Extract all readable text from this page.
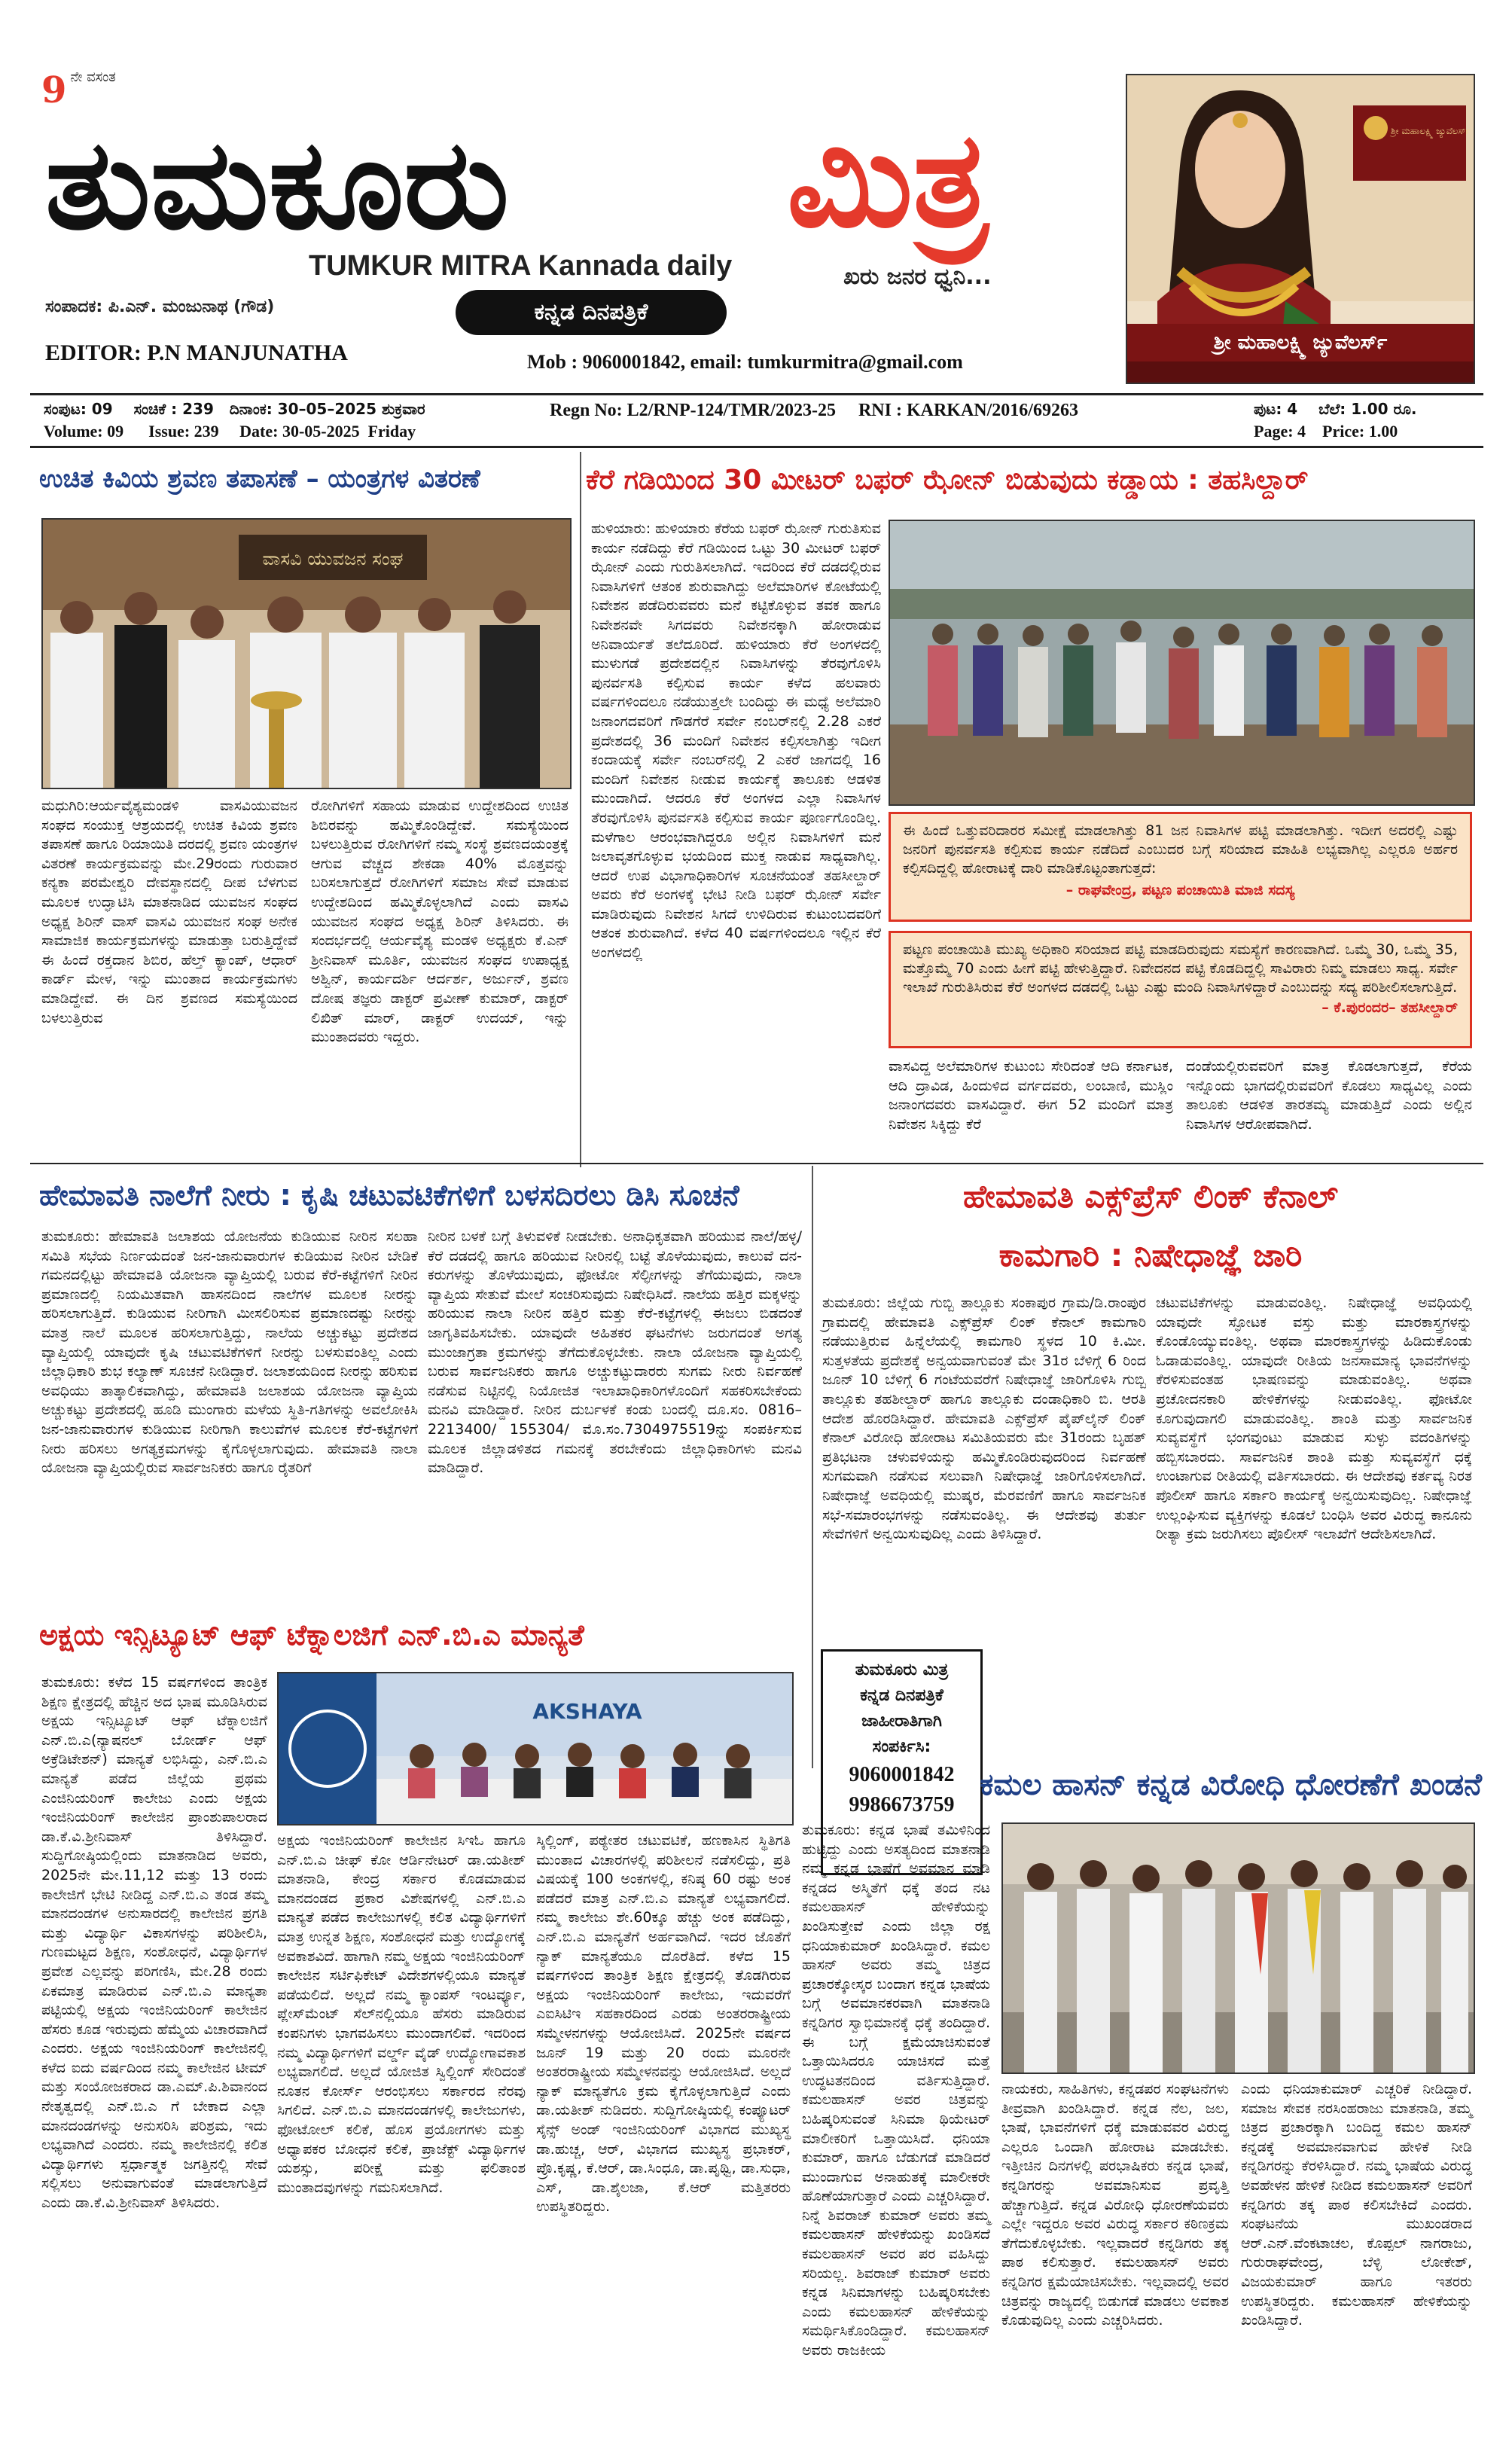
9 ನೇ ವಸಂತ
ತುಮಕೂರು	ಮಿತ್ರ
TUMKUR MITRA Kannada daily	ಖರು ಜನರ ಧ್ವನಿ...
ಸಂಪಾದಕ: ಪಿ.ಎನ್. ಮಂಜುನಾಥ (ಗೌಡ)	ಕನ್ನಡ ದಿನಪತ್ರಿಕೆ
EDITOR: P.N MANJUNATHA	Mob : 9060001842, email: tumkurmitra@gmail.com
ಶ್ರೀ ಮಹಾಲಕ್ಷ್ಮಿ ಜ್ಯುವೆಲರ್ಸ್
ಶ್ರೀ ಮಹಾಲಕ್ಷ್ಮಿ ಜ್ಯುವೆಲರ್ಸ್
ಸಂಪುಟ: 09    ಸಂಚಿಕೆ : 239   ದಿನಾಂಕ: 30–05–2025 ಶುಕ್ರವಾರ
Volume: 09      Issue: 239     Date: 30-05-2025  Friday
Regn No: L2/RNP-124/TMR/2023-25     RNI : KARKAN/2016/69263	ಪುಟ: 4    ಬೆಲೆ: 1.00 ರೂ.
Page: 4    Price: 1.00
ಉಚಿತ ಕಿವಿಯ ಶ್ರವಣ ತಪಾಸಣೆ – ಯಂತ್ರಗಳ ವಿತರಣೆ
ವಾಸವಿ ಯುವಜನ ಸಂಘ
ಮಧುಗಿರಿ:ಆರ್ಯವೈಶ್ಯಮಂಡಳಿ ವಾಸವಿಯುವಜನ ಸಂಘದ ಸಂಯುಕ್ತ ಆಶ್ರಯದಲ್ಲಿ ಉಚಿತ ಕಿವಿಯ ಶ್ರವಣ ತಪಾಸಣೆ ಹಾಗೂ ರಿಯಾಯಿತಿ ದರದಲ್ಲಿ ಶ್ರವಣ ಯಂತ್ರಗಳ ವಿತರಣೆ ಕಾರ್ಯಕ್ರಮವನ್ನು ಮೇ.29ರಂದು ಗುರುವಾರ ಕನ್ಯಕಾ ಪರಮೇಶ್ವರಿ ದೇವಸ್ಥಾನದಲ್ಲಿ ದೀಪ ಬೆಳಗುವ ಮೂಲಕ ಉದ್ಘಾಟಿಸಿ ಮಾತನಾಡಿದ ಯುವಜನ ಸಂಘದ ಅಧ್ಯಕ್ಷ ಶಿರಿನ್ ವಾಸ್ ವಾಸವಿ ಯುವಜನ ಸಂಘ ಅನೇಕ ಸಾಮಾಜಿಕ ಕಾರ್ಯಕ್ರಮಗಳನ್ನು ಮಾಡುತ್ತಾ ಬರುತ್ತಿದ್ದೇವೆ ಈ ಹಿಂದೆ ರಕ್ತದಾನ ಶಿಬಿರ, ಹೆಲ್ತ್ ಕ್ಯಾಂಪ್, ಆಧಾರ್ ಕಾರ್ಡ್ ಮೇಳ, ಇನ್ನು ಮುಂತಾದ ಕಾರ್ಯಕ್ರಮಗಳು ಮಾಡಿದ್ದೇವೆ. ಈ ದಿನ ಶ್ರವಣದ ಸಮಸ್ಯೆಯಿಂದ ಬಳಲುತ್ತಿರುವ
ರೋಗಿಗಳಿಗೆ ಸಹಾಯ ಮಾಡುವ ಉದ್ದೇಶದಿಂದ ಉಚಿತ ಶಿಬಿರವನ್ನು ಹಮ್ಮಿಕೊಂಡಿದ್ದೇವೆ. ಸಮಸ್ಯೆಯಿಂದ ಬಳಲುತ್ತಿರುವ ರೋಗಿಗಳಿಗೆ ನಮ್ಮ ಸಂಸ್ಥೆ ಶ್ರವಣದಯಂತ್ರಕ್ಕೆ ಆಗುವ ವೆಚ್ಚದ ಶೇಕಡಾ 40% ಮೊತ್ತವನ್ನು ಬರಿಸಲಾಗುತ್ತದೆ ರೋಗಿಗಳಿಗೆ ಸಮಾಜ ಸೇವೆ ಮಾಡುವ ಉದ್ದೇಶದಿಂದ ಹಮ್ಮಿಕೊಳ್ಳಲಾಗಿದೆ ಎಂದು ವಾಸವಿ ಯುವಜನ ಸಂಘದ ಅಧ್ಯಕ್ಷ ಶಿರಿನ್ ತಿಳಿಸಿದರು. ಈ ಸಂದರ್ಭದಲ್ಲಿ ಆರ್ಯವೈಶ್ಯ ಮಂಡಳಿ ಅಧ್ಯಕ್ಷರು ಕೆ.ಎನ್ ಶ್ರೀನಿವಾಸ್ ಮೂರ್ತಿ, ಯುವಜನ ಸಂಘದ ಉಪಾಧ್ಯಕ್ಷ ಅಶ್ವಿನ್, ಕಾರ್ಯದರ್ಶಿ ಆರ್ದರ್ಶ, ಅರ್ಜುನ್, ಶ್ರವಣ ದೋಷ ತಜ್ಞರು ಡಾಕ್ಟರ್ ಪ್ರವೀಣ್ ಕುಮಾರ್, ಡಾಕ್ಟರ್ ಲಿಖಿತ್ ಮಾರ್, ಡಾಕ್ಟರ್ ಉದಯ್, ಇನ್ನು ಮುಂತಾದವರು ಇದ್ದರು.
ಕೆರೆ ಗಡಿಯಿಂದ 30 ಮೀಟರ್ ಬಫರ್ ಝೋನ್ ಬಿಡುವುದು ಕಡ್ಡಾಯ : ತಹಸಿಲ್ದಾರ್
ಹುಳಿಯಾರು: ಹುಳಿಯಾರು ಕೆರೆಯ ಬಫರ್ ಝೋನ್ ಗುರುತಿಸುವ ಕಾರ್ಯ ನಡೆದಿದ್ದು ಕೆರೆ ಗಡಿಯಿಂದ ಒಟ್ಟು 30 ಮೀಟರ್ ಬಫರ್ ಝೋನ್ ಎಂದು ಗುರುತಿಸಲಾಗಿದೆ. ಇದರಿಂದ ಕೆರೆ ದಡದಲ್ಲಿರುವ ನಿವಾಸಿಗಳಿಗೆ ಆತಂಕ ಶುರುವಾಗಿದ್ದು ಅಲೆಮಾರಿಗಳ ಕೋಟೆಯಲ್ಲಿ ನಿವೇಶನ ಪಡೆದಿರುವವರು ಮನೆ ಕಟ್ಟಿಕೊಳ್ಳುವ ತವಕ ಹಾಗೂ ನಿವೇಶನವೇ ಸಿಗದವರು ನಿವೇಶನಕ್ಕಾಗಿ ಹೋರಾಡುವ ಅನಿವಾರ್ಯತೆ ತಲೆದೂರಿದೆ. ಹುಳಿಯಾರು ಕೆರೆ ಅಂಗಳದಲ್ಲಿ ಮುಳುಗಡೆ ಪ್ರದೇಶದಲ್ಲಿನ ನಿವಾಸಿಗಳನ್ನು ತೆರವುಗೊಳಿಸಿ ಪುನರ್ವಸತಿ ಕಲ್ಪಿಸುವ ಕಾರ್ಯ ಕಳೆದ ಹಲವಾರು ವರ್ಷಗಳಿಂದಲೂ ನಡೆಯುತ್ತಲೇ ಬಂದಿದ್ದು ಈ ಮಧ್ಯೆ ಅಲೆಮಾರಿ ಜನಾಂಗದವರಿಗೆ ಗೌಡಗೆರೆ ಸರ್ವೇ ನಂಬರ್‌ನಲ್ಲಿ 2.28 ಎಕರೆ ಪ್ರದೇಶದಲ್ಲಿ 36 ಮಂದಿಗೆ ನಿವೇಶನ ಕಲ್ಪಿಸಲಾಗಿತ್ತು ಇದೀಗ ಕಂದಾಯಕ್ಕೆ ಸರ್ವೇ ನಂಬರ್‌ನಲ್ಲಿ 2 ಎಕರೆ ಜಾಗದಲ್ಲಿ 16 ಮಂದಿಗೆ ನಿವೇಶನ ನೀಡುವ ಕಾರ್ಯಕ್ಕೆ ತಾಲೂಕು ಆಡಳಿತ ಮುಂದಾಗಿದೆ. ಆದರೂ ಕೆರೆ ಅಂಗಳದ ಎಲ್ಲಾ ನಿವಾಸಿಗಳ ತೆರವುಗೊಳಿಸಿ ಪುನರ್ವಸತಿ ಕಲ್ಪಿಸುವ ಕಾರ್ಯ ಪೂರ್ಣಗೊಂಡಿಲ್ಲ. ಮಳೆಗಾಲ ಆರಂಭವಾಗಿದ್ದರೂ ಅಲ್ಲಿನ ನಿವಾಸಿಗಳಿಗೆ ಮನೆ ಜಲಾವೃತಗೊಳ್ಳುವ ಭಯದಿಂದ ಮುಕ್ತ ನಾಡುವ ಸಾಧ್ಯವಾಗಿಲ್ಲ. ಆದರೆ ಉಪ ವಿಭಾಗಾಧಿಕಾರಿಗಳ ಸೂಚನೆಯಂತೆ ತಹಸೀಲ್ದಾರ್ ಅವರು ಕೆರೆ ಅಂಗಳಕ್ಕೆ ಭೇಟಿ ನೀಡಿ ಬಫರ್ ಝೋನ್ ಸರ್ವೇ ಮಾಡಿರುವುದು ನಿವೇಶನ ಸಿಗದೆ ಉಳಿದಿರುವ ಕುಟುಂಬದವರಿಗೆ ಆತಂಕ ಶುರುವಾಗಿದೆ. ಕಳೆದ 40 ವರ್ಷಗಳಿಂದಲೂ ಇಲ್ಲಿನ ಕೆರೆ ಅಂಗಳದಲ್ಲಿ
ಈ ಹಿಂದೆ ಒತ್ತುವರಿದಾರರ ಸಮೀಕ್ಷೆ ಮಾಡಲಾಗಿತ್ತು 81 ಜನ ನಿವಾಸಿಗಳ ಪಟ್ಟಿ ಮಾಡಲಾಗಿತ್ತು. ಇದೀಗ ಅದರಲ್ಲಿ ಎಷ್ಟು ಜನರಿಗೆ ಪುನರ್ವಸತಿ ಕಲ್ಪಿಸುವ ಕಾರ್ಯ ನಡೆದಿದೆ ಎಂಬುದರ ಬಗ್ಗೆ ಸರಿಯಾದ ಮಾಹಿತಿ ಲಭ್ಯವಾಗಿಲ್ಲ ಎಲ್ಲರೂ ಅರ್ಹರ ಕಲ್ಪಿಸದಿದ್ದಲ್ಲಿ ಹೋರಾಟಕ್ಕೆ ದಾರಿ ಮಾಡಿಕೊಟ್ಟಂತಾಗುತ್ತದೆ:
– ರಾಘವೇಂದ್ರ, ಪಟ್ಟಣ ಪಂಚಾಯಿತಿ ಮಾಜಿ ಸದಸ್ಯ
ಪಟ್ಟಣ ಪಂಚಾಯಿತಿ ಮುಖ್ಯ ಅಧಿಕಾರಿ ಸರಿಯಾದ ಪಟ್ಟಿ ಮಾಡದಿರುವುದು ಸಮಸ್ಯೆಗೆ ಕಾರಣವಾಗಿದೆ. ಒಮ್ಮೆ 30, ಒಮ್ಮೆ 35, ಮತ್ತೊಮ್ಮೆ 70 ಎಂದು ಹೀಗೆ ಪಟ್ಟಿ ಹೇಳುತ್ತಿದ್ದಾರೆ. ನಿವೇದನದ ಪಟ್ಟಿ ಕೊಡದಿದ್ದಲ್ಲಿ ಸಾವಿರಾರು ನಿಮ್ಮ ಮಾಡಲು ಸಾಧ್ಯ. ಸರ್ವೇ ಇಲಾಖೆ ಗುರುತಿಸಿರುವ ಕೆರೆ ಅಂಗಳದ ದಡದಲ್ಲಿ ಒಟ್ಟು ಎಷ್ಟು ಮಂದಿ ನಿವಾಸಿಗಳಿದ್ದಾರೆ ಎಂಬುದನ್ನು ಸದ್ಯ ಪರಿಶೀಲಿಸಲಾಗುತ್ತಿದೆ.
– ಕೆ.ಪುರಂದರ– ತಹಸೀಲ್ದಾರ್
ವಾಸವಿದ್ದ ಅಲೆಮಾರಿಗಳ ಕುಟುಂಬ ಸೇರಿದಂತೆ ಆದಿ ಕರ್ನಾಟಕ, ಆದಿ ದ್ರಾವಿಡ, ಹಿಂದುಳಿದ ವರ್ಗದವರು, ಲಂಬಾಣಿ, ಮುಸ್ಲಿಂ ಜನಾಂಗದವರು ವಾಸವಿದ್ದಾರೆ. ಈಗ 52 ಮಂದಿಗೆ ಮಾತ್ರ ನಿವೇಶನ ಸಿಕ್ಕಿದ್ದು ಕೆರೆ
ದಂಡೆಯಲ್ಲಿರುವವರಿಗೆ ಮಾತ್ರ ಕೊಡಲಾಗುತ್ತದೆ, ಕೆರೆಯ ಇನ್ನೊಂದು ಭಾಗದಲ್ಲಿರುವವರಿಗೆ ಕೊಡಲು ಸಾಧ್ಯವಿಲ್ಲ ಎಂದು ತಾಲೂಕು ಆಡಳಿತ ತಾರತಮ್ಯ ಮಾಡುತ್ತಿದೆ ಎಂದು ಅಲ್ಲಿನ ನಿವಾಸಿಗಳ ಆರೋಪವಾಗಿದೆ.
ಹೇಮಾವತಿ ನಾಲೆಗೆ ನೀರು : ಕೃಷಿ ಚಟುವಟಿಕೆಗಳಿಗೆ ಬಳಸದಿರಲು ಡಿಸಿ ಸೂಚನೆ
ತುಮಕೂರು: ಹೇಮಾವತಿ ಜಲಾಶಯ ಯೋಜನೆಯ ಕುಡಿಯುವ ನೀರಿನ ಸಲಹಾ ಸಮಿತಿ ಸಭೆಯ ನಿರ್ಣಯದಂತೆ ಜನ-ಜಾನುವಾರುಗಳ ಕುಡಿಯುವ ನೀರಿನ ಬೇಡಿಕೆ ಗಮನದಲ್ಲಿಟ್ಟು ಹೇಮಾವತಿ ಯೋಜನಾ ವ್ಯಾಪ್ತಿಯಲ್ಲಿ ಬರುವ ಕೆರೆ-ಕಟ್ಟೆಗಳಿಗೆ ನೀರಿನ ಪ್ರಮಾಣದಲ್ಲಿ ನಿಯಮಿತವಾಗಿ ಹಾಸನದಿಂದ ನಾಲೆಗಳ ಮೂಲಕ ನೀರನ್ನು ಹರಿಸಲಾಗುತ್ತಿದೆ. ಕುಡಿಯುವ ನೀರಿಗಾಗಿ ಮೀಸಲಿರಿಸುವ ಪ್ರಮಾಣದಷ್ಟು ನೀರನ್ನು ಮಾತ್ರ ನಾಲೆ ಮೂಲಕ ಹರಿಸಲಾಗುತ್ತಿದ್ದು, ನಾಲೆಯ ಅಚ್ಚುಕಟ್ಟು ಪ್ರದೇಶದ ವ್ಯಾಪ್ತಿಯಲ್ಲಿ ಯಾವುದೇ ಕೃಷಿ ಚಟುವಟಿಕೆಗಳಿಗೆ ನೀರನ್ನು ಬಳಸುವಂತಿಲ್ಲ ಎಂದು ಜಿಲ್ಲಾಧಿಕಾರಿ ಶುಭ ಕಲ್ಯಾಣ್ ಸೂಚನೆ ನೀಡಿದ್ದಾರೆ. ಜಲಾಶಯದಿಂದ ನೀರನ್ನು ಹರಿಸುವ ಅವಧಿಯು ತಾತ್ಕಾಲಿಕವಾಗಿದ್ದು, ಹೇಮಾವತಿ ಜಲಾಶಯ ಯೋಜನಾ ವ್ಯಾಪ್ತಿಯ ಅಚ್ಚುಕಟ್ಟು ಪ್ರದೇಶದಲ್ಲಿ ಹೂಡಿ ಮುಂಗಾರು ಮಳೆಯ ಸ್ಥಿತಿ-ಗತಿಗಳನ್ನು ಅವಲೋಕಿಸಿ ಜನ-ಜಾನುವಾರುಗಳ ಕುಡಿಯುವ ನೀರಿಗಾಗಿ ಕಾಲುವೆಗಳ ಮೂಲಕ ಕೆರೆ-ಕಟ್ಟೆಗಳಿಗೆ ನೀರು ಹರಿಸಲು ಅಗತ್ಯಕ್ರಮಗಳನ್ನು ಕೈಗೊಳ್ಳಲಾಗುವುದು. ಹೇಮಾವತಿ ನಾಲಾ ಯೋಜನಾ ವ್ಯಾಪ್ತಿಯಲ್ಲಿರುವ ಸಾರ್ವಜನಿಕರು ಹಾಗೂ ರೈತರಿಗೆ
ನೀರಿನ ಬಳಕೆ ಬಗ್ಗೆ ತಿಳುವಳಿಕೆ ನೀಡಬೇಕು. ಅನಾಧಿಕೃತವಾಗಿ ಹರಿಯುವ ನಾಲೆ/ಹಳ್ಳ/ಕೆರೆ ದಡದಲ್ಲಿ ಹಾಗೂ ಹರಿಯುವ ನೀರಿನಲ್ಲಿ ಬಟ್ಟೆ ತೊಳೆಯುವುದು, ಕಾಲುವೆ ದನ-ಕರುಗಳನ್ನು ತೊಳೆಯುವುದು, ಫೋಟೋ ಸೆಲ್ಫೀಗಳನ್ನು ತೆಗೆಯುವುದು, ನಾಲಾ ವ್ಯಾಪ್ತಿಯ ಸೇತುವೆ ಮೇಲೆ ಸಂಚರಿಸುವುದು ನಿಷೇಧಿಸಿದೆ. ನಾಲೆಯ ಹತ್ತಿರ ಮಕ್ಕಳನ್ನು ಹರಿಯುವ ನಾಲಾ ನೀರಿನ ಹತ್ತಿರ ಮತ್ತು ಕೆರೆ-ಕಟ್ಟೆಗಳಲ್ಲಿ ಈಜಲು ಬಿಡದಂತೆ ಜಾಗೃತಿವಹಿಸಬೇಕು. ಯಾವುದೇ ಅಹಿತಕರ ಘಟನೆಗಳು ಜರುಗದಂತೆ ಅಗತ್ಯ ಮುಂಜಾಗ್ರತಾ ಕ್ರಮಗಳನ್ನು ತೆಗೆದುಕೊಳ್ಳಬೇಕು. ನಾಲಾ ಯೋಜನಾ ವ್ಯಾಪ್ತಿಯಲ್ಲಿ ಬರುವ ಸಾರ್ವಜನಿಕರು ಹಾಗೂ ಅಚ್ಚುಕಟ್ಟುದಾರರು ಸುಗಮ ನೀರು ನಿರ್ವಹಣೆ ನಡೆಸುವ ನಿಟ್ಟಿನಲ್ಲಿ ನಿಯೋಜಿತ ಇಲಾಖಾಧಿಕಾರಿಗಳೊಂದಿಗೆ ಸಹಕರಿಸಬೇಕೆಂದು ಮನವಿ ಮಾಡಿದ್ದಾರೆ. ನೀರಿನ ದುರ್ಬಳಕೆ ಕಂಡು ಬಂದಲ್ಲಿ ದೂ.ಸಂ. 0816–2213400/ 155304/ ಮೊ.ಸಂ.7304975519ನ್ನು ಸಂಪರ್ಕಿಸುವ ಮೂಲಕ ಜಿಲ್ಲಾಡಳಿತದ ಗಮನಕ್ಕೆ ತರಬೇಕೆಂದು ಜಿಲ್ಲಾಧಿಕಾರಿಗಳು ಮನವಿ ಮಾಡಿದ್ದಾರೆ.
ಹೇಮಾವತಿ ಎಕ್ಸ್‌ಪ್ರೆಸ್ ಲಿಂಕ್ ಕೆನಾಲ್
ಕಾಮಗಾರಿ : ನಿಷೇಧಾಜ್ಞೆ ಜಾರಿ
ತುಮಕೂರು: ಜಿಲ್ಲೆಯ ಗುಬ್ಬಿ ತಾಲ್ಲೂಕು ಸಂಕಾಪುರ ಗ್ರಾಮ/ಡಿ.ರಾಂಪುರ ಗ್ರಾಮದಲ್ಲಿ ಹೇಮಾವತಿ ಎಕ್ಸ್‌ಪ್ರೆಸ್ ಲಿಂಕ್ ಕೆನಾಲ್ ಕಾಮಗಾರಿ ನಡೆಯುತ್ತಿರುವ ಹಿನ್ನೆಲೆಯಲ್ಲಿ ಕಾಮಗಾರಿ ಸ್ಥಳದ 10 ಕಿ.ಮೀ. ಸುತ್ತಳತೆಯ ಪ್ರದೇಶಕ್ಕೆ ಅನ್ವಯವಾಗುವಂತೆ ಮೇ 31ರ ಬೆಳಿಗ್ಗೆ 6 ರಿಂದ ಜೂನ್ 10 ಬೆಳಿಗ್ಗೆ 6 ಗಂಟೆಯವರೆಗೆ ನಿಷೇಧಾಜ್ಞೆ ಜಾರಿಗೊಳಿಸಿ ಗುಬ್ಬಿ ತಾಲ್ಲೂಕು ತಹಶೀಲ್ದಾರ್ ಹಾಗೂ ತಾಲ್ಲೂಕು ದಂಡಾಧಿಕಾರಿ ಬಿ. ಆರತಿ ಆದೇಶ ಹೊರಡಿಸಿದ್ದಾರೆ. ಹೇಮಾವತಿ ಎಕ್ಸ್‌ಪ್ರೆಸ್ ಪೈಪ್‌ಲೈನ್ ಲಿಂಕ್ ಕೆನಾಲ್ ವಿರೋಧಿ ಹೋರಾಟ ಸಮಿತಿಯವರು ಮೇ 31ರಂದು ಬೃಹತ್ ಪ್ರತಿಭಟನಾ ಚಳುವಳಿಯನ್ನು ಹಮ್ಮಿಕೊಂಡಿರುವುದರಿಂದ ನಿರ್ವಹಣೆ ಸುಗಮವಾಗಿ ನಡೆಸುವ ಸಲುವಾಗಿ ನಿಷೇಧಾಜ್ಞೆ ಜಾರಿಗೊಳಿಸಲಾಗಿದೆ. ನಿಷೇಧಾಜ್ಞೆ ಅವಧಿಯಲ್ಲಿ ಮುಷ್ಕರ, ಮೆರವಣಿಗೆ ಹಾಗೂ ಸಾರ್ವಜನಿಕ ಸಭೆ-ಸಮಾರಂಭಗಳನ್ನು ನಡೆಸುವಂತಿಲ್ಲ. ಈ ಆದೇಶವು ತುರ್ತು ಸೇವೆಗಳಿಗೆ ಅನ್ವಯಿಸುವುದಿಲ್ಲ ಎಂದು ತಿಳಿಸಿದ್ದಾರೆ.
ಚಟುವಟಿಕೆಗಳನ್ನು ಮಾಡುವಂತಿಲ್ಲ. ನಿಷೇಧಾಜ್ಞೆ ಅವಧಿಯಲ್ಲಿ ಯಾವುದೇ ಸ್ಫೋಟಕ ವಸ್ತು ಮತ್ತು ಮಾರಕಾಸ್ತ್ರಗಳನ್ನು ಕೊಂಡೊಯ್ಯುವಂತಿಲ್ಲ. ಅಥವಾ ಮಾರಕಾಸ್ತ್ರಗಳನ್ನು ಹಿಡಿದುಕೊಂಡು ಓಡಾಡುವಂತಿಲ್ಲ. ಯಾವುದೇ ರೀತಿಯ ಜನಸಾಮಾನ್ಯ ಭಾವನೆಗಳನ್ನು ಕೆರಳಿಸುವಂತಹ ಭಾಷಣವನ್ನು ಮಾಡುವಂತಿಲ್ಲ. ಅಥವಾ ಪ್ರಚೋದನಕಾರಿ ಹೇಳಿಕೆಗಳನ್ನು ನೀಡುವಂತಿಲ್ಲ. ಫೋಟೋ ಕೂಗುವುದಾಗಲಿ ಮಾಡುವಂತಿಲ್ಲ. ಶಾಂತಿ ಮತ್ತು ಸಾರ್ವಜನಿಕ ಸುವ್ಯವಸ್ಥೆಗೆ ಭಂಗವುಂಟು ಮಾಡುವ ಸುಳ್ಳು ವದಂತಿಗಳನ್ನು ಹಬ್ಬಿಸಬಾರದು. ಸಾರ್ವಜನಿಕ ಶಾಂತಿ ಮತ್ತು ಸುವ್ಯವಸ್ಥೆಗೆ ಧಕ್ಕೆ ಉಂಟಾಗುವ ರೀತಿಯಲ್ಲಿ ವರ್ತಿಸಬಾರದು. ಈ ಆದೇಶವು ಕರ್ತವ್ಯ ನಿರತ ಪೊಲೀಸ್ ಹಾಗೂ ಸರ್ಕಾರಿ ಕಾರ್ಯಕ್ಕೆ ಅನ್ವಯಿಸುವುದಿಲ್ಲ. ನಿಷೇಧಾಜ್ಞೆ ಉಲ್ಲಂಘಿಸುವ ವ್ಯಕ್ತಿಗಳನ್ನು ಕೂಡಲೆ ಬಂಧಿಸಿ ಅವರ ವಿರುದ್ಧ ಕಾನೂನು ರೀತ್ಯಾ ಕ್ರಮ ಜರುಗಿಸಲು ಪೊಲೀಸ್ ಇಲಾಖೆಗೆ ಆದೇಶಿಸಲಾಗಿದೆ.
ಅಕ್ಷಯ ಇನ್ಸಿಟ್ಯೂಟ್ ಆಫ್ ಟೆಕ್ನಾಲಜಿಗೆ ಎನ್.ಬಿ.ಎ ಮಾನ್ಯತೆ
ತುಮಕೂರು: ಕಳೆದ 15 ವರ್ಷಗಳಿಂದ ತಾಂತ್ರಿಕ ಶಿಕ್ಷಣ ಕ್ಷೇತ್ರದಲ್ಲಿ ಹೆಚ್ಚಿನ ಅದ ಭಾಷ ಮೂಡಿಸಿರುವ ಅಕ್ಷಯ ಇನ್ಸಿಟ್ಯೂಟ್ ಆಫ್ ಟೆಕ್ನಾಲಜಿಗೆ ಎನ್.ಬಿ.ಎ(ನ್ಯಾಷನಲ್ ಬೋರ್ಡ್ ಆಫ್ ಅಕ್ರೆಡಿಟೇಶನ್) ಮಾನ್ಯತೆ ಲಭಿಸಿದ್ದು, ಎನ್.ಬಿ.ಎ ಮಾನ್ಯತೆ ಪಡೆದ ಜಿಲ್ಲೆಯ ಪ್ರಥಮ ಎಂಜಿನಿಯರಿಂಗ್ ಕಾಲೇಜು ಎಂದು ಅಕ್ಷಯ ಇಂಜಿನಿಯರಿಂಗ್ ಕಾಲೇಜಿನ ಪ್ರಾಂಶುಪಾಲರಾದ ಡಾ.ಕೆ.ವಿ.ಶ್ರೀನಿವಾಸ್ ತಿಳಿಸಿದ್ದಾರೆ. ಸುದ್ದಿಗೋಷ್ಠಿಯಲ್ಲಿಂದು ಮಾತನಾಡಿದ ಅವರು, 2025ನೇ ಮೇ.11,12 ಮತ್ತು 13 ರಂದು ಕಾಲೇಜಿಗೆ ಭೇಟಿ ನೀಡಿದ್ದ ಎನ್.ಬಿ.ಎ ತಂಡ ತಮ್ಮ ಮಾನದಂಡಗಳ ಅನುಸಾರದಲ್ಲಿ ಕಾಲೇಜಿನ ಪ್ರಗತಿ ಮತ್ತು ವಿದ್ಯಾರ್ಥಿ ವಿಕಾಸಗಳನ್ನು ಪರಿಶೀಲಿಸಿ, ಗುಣಮಟ್ಟದ ಶಿಕ್ಷಣ, ಸಂಶೋಧನೆ, ವಿದ್ಯಾರ್ಥಿಗಳ ಪ್ರವೇಶ ಎಲ್ಲವನ್ನು ಪರಿಗಣಿಸಿ, ಮೇ.28 ರಂದು ಏಕಮಾತ್ರ ಮಾಡಿರುವ ಎನ್.ಬಿ.ಎ ಮಾನ್ಯತಾ ಪಟ್ಟಿಯಲ್ಲಿ ಅಕ್ಷಯ ಇಂಜಿನಿಯರಿಂಗ್ ಕಾಲೇಜಿನ ಹೆಸರು ಕೂಡ ಇರುವುದು ಹೆಮ್ಮೆಯ ವಿಚಾರವಾಗಿದೆ ಎಂದರು. ಅಕ್ಷಯ ಇಂಜಿನಿಯರಿಂಗ್ ಕಾಲೇಜಿನಲ್ಲಿ ಕಳೆದ ಐದು ವರ್ಷದಿಂದ ನಮ್ಮ ಕಾಲೇಜಿನ ಟೀಮ್ ಮತ್ತು ಸಂಯೋಜಕರಾದ ಡಾ.ಎಮ್.ಪಿ.ಶಿವಾನಂದ ನೇತೃತ್ವದಲ್ಲಿ ಎನ್.ಬಿ.ಎ ಗೆ ಬೇಕಾದ ಎಲ್ಲಾ ಮಾನದಂಡಗಳನ್ನು ಅನುಸರಿಸಿ ಪರಿಶ್ರಮ, ಇದು ಲಭ್ಯವಾಗಿದೆ ಎಂದರು. ನಮ್ಮ ಕಾಲೇಜಿನಲ್ಲಿ ಕಲಿತ ವಿದ್ಯಾರ್ಥಿಗಳು ಸ್ಪರ್ಧಾತ್ಮಕ ಜಗತ್ತಿನಲ್ಲಿ ಸೇವೆ ಸಲ್ಲಿಸಲು ಅನುವಾಗುವಂತೆ ಮಾಡಲಾಗುತ್ತಿದೆ ಎಂದು ಡಾ.ಕೆ.ವಿ.ಶ್ರೀನಿವಾಸ್ ತಿಳಿಸಿದರು.
AKSHAYA
ಅಕ್ಷಯ ಇಂಜಿನಿಯರಿಂಗ್ ಕಾಲೇಜಿನ ಸಿಇಓ ಹಾಗೂ ಎನ್.ಬಿ.ಎ ಚೀಫ್ ಕೋ ಆರ್ಡಿನೇಟರ್ ಡಾ.ಯತೀಶ್ ಮಾತನಾಡಿ, ಕೇಂದ್ರ ಸರ್ಕಾರ ಕೊಡಮಾಡುವ ಮಾನದಂಡದ ಪ್ರಕಾರ ವಿಶೇಷಗಳಲ್ಲಿ ಎನ್.ಬಿ.ಎ ಮಾನ್ಯತೆ ಪಡೆದ ಕಾಲೇಜುಗಳಲ್ಲಿ ಕಲಿತ ವಿದ್ಯಾರ್ಥಿಗಳಿಗೆ ಮಾತ್ರ ಉನ್ನತ ಶಿಕ್ಷಣ, ಸಂಶೋಧನೆ ಮತ್ತು ಉದ್ಯೋಗಕ್ಕೆ ಅವಕಾಶವಿದೆ. ಹಾಗಾಗಿ ನಮ್ಮ ಅಕ್ಷಯ ಇಂಜಿನಿಯರಿಂಗ್ ಕಾಲೇಜಿನ ಸರ್ಟಿಫಿಕೇಟ್ ವಿದೇಶಗಳಲ್ಲಿಯೂ ಮಾನ್ಯತೆ ಪಡೆಯಲಿದೆ. ಅಲ್ಲದೆ ನಮ್ಮ ಕ್ಯಾಂಪಸ್ ಇಂಟರ್ವ್ಯೂ, ಪ್ಲೇಸ್‌ಮೆಂಟ್ ಸೆಲ್‌ನಲ್ಲಿಯೂ ಹೆಸರು ಮಾಡಿರುವ ಕಂಪನಿಗಳು ಭಾಗವಹಿಸಲು ಮುಂದಾಗಲಿವೆ. ಇದರಿಂದ ನಮ್ಮ ವಿದ್ಯಾರ್ಥಿಗಳಿಗೆ ವರ್ಲ್ಡ್ ವೈಡ್ ಉದ್ಯೋಗಾವಕಾಶ ಲಭ್ಯವಾಗಲಿದೆ. ಅಲ್ಲದೆ ಯೋಜಿತ ಸ್ವಿಲ್ಲಿಂಗ್ ಸೇರಿದಂತೆ ನೂತನ ಕೋರ್ಸ್ ಆರಂಭಿಸಲು ಸರ್ಕಾರದ ನೆರವು ಸಿಗಲಿದೆ. ಎನ್.ಬಿ.ಎ ಮಾನದಂಡಗಳಲ್ಲಿ ಕಾಲೇಜುಗಳು, ಫೋಟೋಲ್ ಕಲಿಕೆ, ಹೊಸ ಪ್ರಯೋಗಗಳು ಮತ್ತು ಅಧ್ಯಾಪಕರ ಬೋಧನೆ ಕಲಿಕೆ, ಪ್ರಾಜೆಕ್ಟ್ ವಿದ್ಯಾರ್ಥಿಗಳ ಯಶಸ್ಸು, ಪರೀಕ್ಷೆ ಮತ್ತು ಫಲಿತಾಂಶ ಮುಂತಾದವುಗಳನ್ನು ಗಮನಿಸಲಾಗಿದೆ.
ಸ್ಕಿಲ್ಲಿಂಗ್, ಪಠ್ಯೇತರ ಚಟುವಟಿಕೆ, ಹಣಕಾಸಿನ ಸ್ಥಿತಿಗತಿ ಮುಂತಾದ ವಿಚಾರಗಳಲ್ಲಿ ಪರಿಶೀಲನೆ ನಡೆಸಲಿದ್ದು, ಪ್ರತಿ ವಿಷಯಕ್ಕೆ 100 ಅಂಕಗಳಲ್ಲಿ, ಕನಿಷ್ಠ 60 ರಷ್ಟು ಅಂಕ ಪಡೆದರೆ ಮಾತ್ರ ಎನ್.ಬಿ.ಎ ಮಾನ್ಯತೆ ಲಭ್ಯವಾಗಲಿದೆ. ನಮ್ಮ ಕಾಲೇಜು ಶೇ.60ಕ್ಕೂ ಹೆಚ್ಚು ಅಂಕ ಪಡೆದಿದ್ದು, ಎನ್.ಬಿ.ಎ ಮಾನ್ಯತೆಗೆ ಅರ್ಹವಾಗಿದೆ. ಇದರ ಜೊತೆಗೆ ನ್ಯಾಕ್ ಮಾನ್ಯತೆಯೂ ದೊರೆತಿದೆ. ಕಳೆದ 15 ವರ್ಷಗಳಿಂದ ತಾಂತ್ರಿಕ ಶಿಕ್ಷಣ ಕ್ಷೇತ್ರದಲ್ಲಿ ತೊಡಗಿರುವ ಅಕ್ಷಯ ಇಂಜಿನಿಯರಿಂಗ್ ಕಾಲೇಜು, ಇದುವರೆಗೆ ಎಐಸಿಟಿಇ ಸಹಕಾರದಿಂದ ಎರಡು ಅಂತರರಾಷ್ಟ್ರೀಯ ಸಮ್ಮೇಳನಗಳನ್ನು ಆಯೋಜಿಸಿದೆ. 2025ನೇ ವರ್ಷದ ಜೂನ್ 19 ಮತ್ತು 20 ರಂದು ಮೂರನೇ ಅಂತರರಾಷ್ಟ್ರೀಯ ಸಮ್ಮೇಳನವನ್ನು ಆಯೋಜಿಸಿದೆ. ಅಲ್ಲದೆ ನ್ಯಾಕ್ ಮಾನ್ಯತೆಗೂ ಕ್ರಮ ಕೈಗೊಳ್ಳಲಾಗುತ್ತಿದೆ ಎಂದು ಡಾ.ಯತೀಶ್ ನುಡಿದರು. ಸುದ್ದಿಗೋಷ್ಠಿಯಲ್ಲಿ ಕಂಪ್ಯೂಟರ್ ಸೈನ್ಸ್ ಅಂಡ್ ಇಂಜಿನಿಯರಿಂಗ್ ವಿಭಾಗದ ಮುಖ್ಯಸ್ಥ ಡಾ.ಹುಚ್ಚ, ಆರ್, ವಿಭಾಗದ ಮುಖ್ಯಸ್ಥ ಪ್ರಭಾಕರ್, ಪ್ರೊ.ಕೃಷ್ಣ, ಕೆ.ಆರ್, ಡಾ.ಸಿಂಧೂ, ಡಾ.ಪೃಥ್ವಿ, ಡಾ.ಸುಧಾ, ಎಸ್, ಡಾ.ಶೈಲಜಾ, ಕೆ.ಆರ್ ಮತ್ತಿತರರು ಉಪಸ್ಥಿತರಿದ್ದರು.
ತುಮಕೂರು ಮಿತ್ರ
ಕನ್ನಡ ದಿನಪತ್ರಿಕೆ
ಜಾಹೀರಾತಿಗಾಗಿ
ಸಂಪರ್ಕಿಸಿ:
9060001842
9986673759
ಕಮಲ ಹಾಸನ್ ಕನ್ನಡ ವಿರೋಧಿ ಧೋರಣೆಗೆ ಖಂಡನೆ
ತುಮಕೂರು: ಕನ್ನಡ ಭಾಷೆ ತಮಿಳಿನಿಂದ ಹುಟ್ಟಿದ್ದು ಎಂದು ಅಸತ್ಯದಿಂದ ಮಾತನಾಡಿ ನಮ್ಮ ಕನ್ನಡ ಭಾಷೆಗೆ ಅವಮಾನ ಮಾಡಿ ಕನ್ನಡದ ಅಸ್ಮಿತೆಗೆ ಧಕ್ಕೆ ತಂದ ನಟ ಕಮಲಹಾಸನ್ ಹೇಳಿಕೆಯನ್ನು ಖಂಡಿಸುತ್ತೇವೆ ಎಂದು ಜಿಲ್ಲಾ ರಕ್ಷ ಧನಿಯಾಕುಮಾರ್ ಖಂಡಿಸಿದ್ದಾರೆ. ಕಮಲ ಹಾಸನ್ ಅವರು ತಮ್ಮ ಚಿತ್ರದ ಪ್ರಚಾರಕ್ಕೋಸ್ಕರ ಬಂದಾಗ ಕನ್ನಡ ಭಾಷೆಯ ಬಗ್ಗೆ ಅವಮಾನಕರವಾಗಿ ಮಾತನಾಡಿ ಕನ್ನಡಿಗರ ಸ್ವಾಭಿಮಾನಕ್ಕೆ ಧಕ್ಕೆ ತಂದಿದ್ದಾರೆ. ಈ ಬಗ್ಗೆ ಕ್ಷಮೆಯಾಚಿಸುವಂತೆ ಒತ್ತಾಯಿಸಿದರೂ ಯಾಚಿಸದೆ ಮತ್ತೆ ಉದ್ಧಟತನದಿಂದ ವರ್ತಿಸುತ್ತಿದ್ದಾರೆ. ಕಮಲಹಾಸನ್ ಅವರ ಚಿತ್ರವನ್ನು ಬಹಿಷ್ಕರಿಸುವಂತೆ ಸಿನಿಮಾ ಥಿಯೇಟರ್ ಮಾಲೀಕರಿಗೆ ಒತ್ತಾಯಿಸಿದೆ. ಧನಿಯಾ ಕುಮಾರ್, ಹಾಗೂ ಬೆಡುಗಡೆ ಮಾಡಿದರೆ ಮುಂದಾಗುವ ಅನಾಹುತಕ್ಕೆ ಮಾಲೀಕರೇ ಹೊಣೆಯಾಗುತ್ತಾರೆ ಎಂದು ಎಚ್ಚರಿಸಿದ್ದಾರೆ. ನಿನ್ನೆ ಶಿವರಾಜ್ ಕುಮಾರ್ ಅವರು ತಮ್ಮ ಕಮಲಹಾಸನ್ ಹೇಳಿಕೆಯನ್ನು ಖಂಡಿಸದೆ ಕಮಲಹಾಸನ್ ಅವರ ಪರ ವಹಿಸಿದ್ದು ಸರಿಯಲ್ಲ. ಶಿವರಾಜ್ ಕುಮಾರ್ ಅವರು ಕನ್ನಡ ಸಿನಿಮಾಗಳನ್ನು ಬಹಿಷ್ಕರಿಸಬೇಕು ಎಂದು ಕಮಲಹಾಸನ್ ಹೇಳಿಕೆಯನ್ನು ಸಮರ್ಥಿಸಿಕೊಂಡಿದ್ದಾರೆ. ಕಮಲಹಾಸನ್ ಅವರು ರಾಜಕೀಯ
ನಾಯಕರು, ಸಾಹಿತಿಗಳು, ಕನ್ನಡಪರ ಸಂಘಟನೆಗಳು ತೀವ್ರವಾಗಿ ಖಂಡಿಸಿದ್ದಾರೆ. ಕನ್ನಡ ನೆಲ, ಜಲ, ಭಾಷೆ, ಭಾವನೆಗಳಿಗೆ ಧಕ್ಕೆ ಮಾಡುವವರ ವಿರುದ್ಧ ಎಲ್ಲರೂ ಒಂದಾಗಿ ಹೋರಾಟ ಮಾಡಬೇಕು. ಇತ್ತೀಚಿನ ದಿನಗಳಲ್ಲಿ ಪರಭಾಷಿಕರು ಕನ್ನಡ ಭಾಷೆ, ಕನ್ನಡಿಗರನ್ನು ಅವಮಾನಿಸುವ ಪ್ರವೃತ್ತಿ ಹೆಚ್ಚಾಗುತ್ತಿದೆ. ಕನ್ನಡ ವಿರೋಧಿ ಧೋರಣೆಯವರು ಎಲ್ಲೇ ಇದ್ದರೂ ಅವರ ವಿರುದ್ಧ ಸರ್ಕಾರ ಕಠಿಣಕ್ರಮ ತೆಗೆದುಕೊಳ್ಳಬೇಕು. ಇಲ್ಲವಾದರೆ ಕನ್ನಡಿಗರು ತಕ್ಕ ಪಾಠ ಕಲಿಸುತ್ತಾರೆ. ಕಮಲಹಾಸನ್ ಅವರು ಕನ್ನಡಿಗರ ಕ್ಷಮೆಯಾಚಿಸಬೇಕು. ಇಲ್ಲವಾದಲ್ಲಿ ಅವರ ಚಿತ್ರವನ್ನು ರಾಜ್ಯದಲ್ಲಿ ಬಿಡುಗಡೆ ಮಾಡಲು ಅವಕಾಶ ಕೊಡುವುದಿಲ್ಲ ಎಂದು ಎಚ್ಚರಿಸಿದರು.
ಎಂದು ಧನಿಯಾಕುಮಾರ್ ಎಚ್ಚರಿಕೆ ನೀಡಿದ್ದಾರೆ. ಸಮಾಜ ಸೇವಕ ನರಸಿಂಹರಾಜು ಮಾತನಾಡಿ, ತಮ್ಮ ಚಿತ್ರದ ಪ್ರಚಾರಕ್ಕಾಗಿ ಬಂದಿದ್ದ ಕಮಲ ಹಾಸನ್ ಕನ್ನಡಕ್ಕೆ ಅವಮಾನವಾಗುವ ಹೇಳಿಕೆ ನೀಡಿ ಕನ್ನಡಿಗರನ್ನು ಕೆರಳಿಸಿದ್ದಾರೆ. ನಮ್ಮ ಭಾಷೆಯ ವಿರುದ್ಧ ಅವಹೇಳನ ಹೇಳಿಕೆ ನೀಡಿದ ಕಮಲಹಾಸನ್ ಅವರಿಗೆ ಕನ್ನಡಿಗರು ತಕ್ಕ ಪಾಠ ಕಲಿಸಬೇಕಿದೆ ಎಂದರು. ಸಂಘಟನೆಯ ಮುಖಂಡರಾದ ಆರ್.ಎನ್.ವೆಂಕಟಾಚಲ, ಕೊಪ್ಪಲ್ ನಾಗರಾಜು, ಗುರುರಾಘವೇಂದ್ರ, ಬೆಳ್ಳಿ ಲೋಕೇಶ್, ವಿಜಯಕುಮಾರ್ ಹಾಗೂ ಇತರರು ಉಪಸ್ಥಿತರಿದ್ದರು. ಕಮಲಹಾಸನ್ ಹೇಳಿಕೆಯನ್ನು ಖಂಡಿಸಿದ್ದಾರೆ.
